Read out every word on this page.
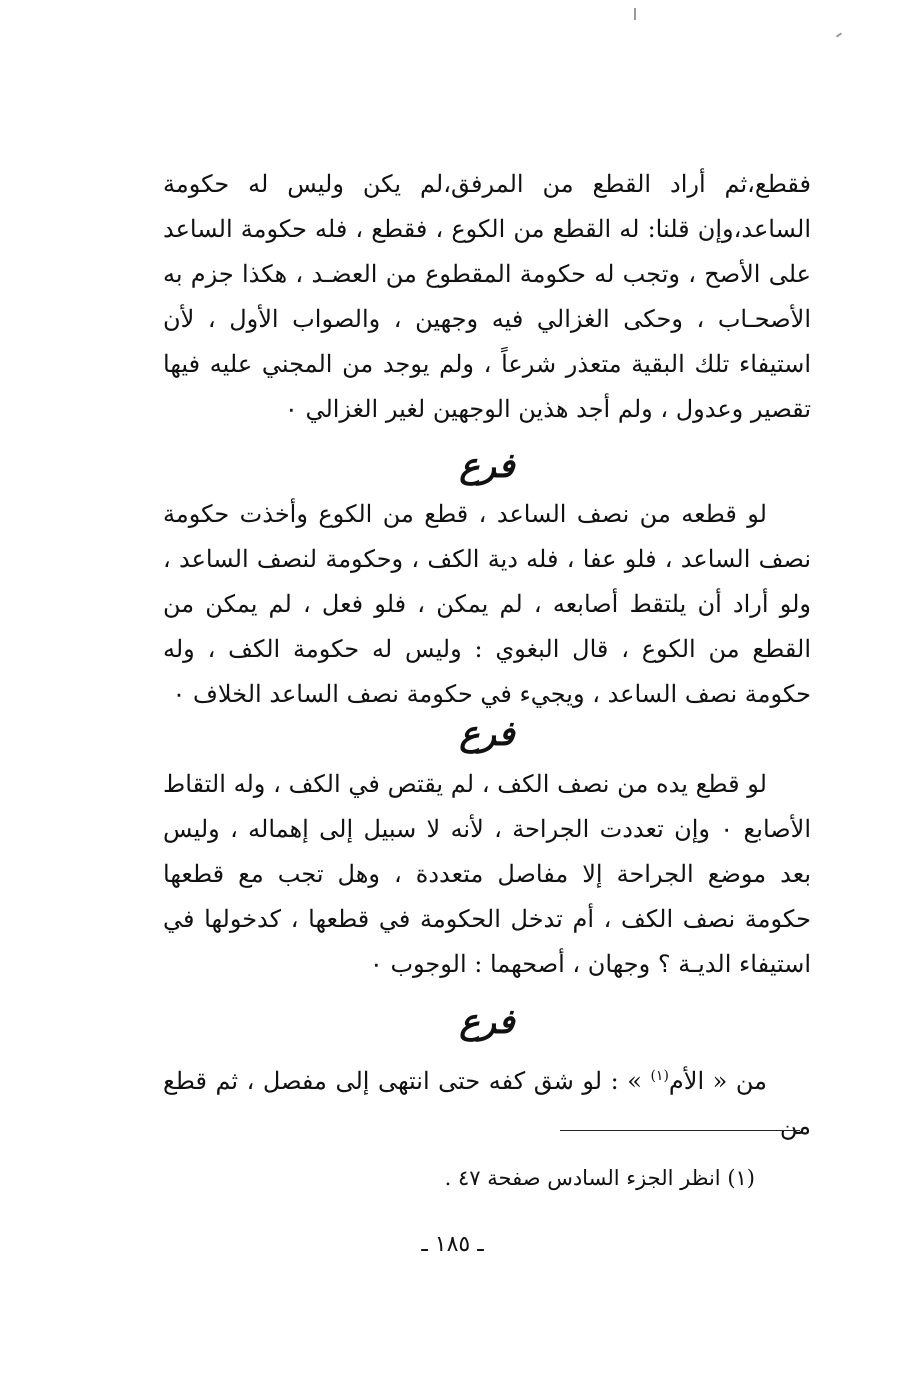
فقطع،ثم أراد القطع من المرفق،لم يكن وليس له حكومة الساعد،وإن قلنا: له القطع من الكوع ، فقطع ، فله حكومة الساعد على الأصح ، وتجب له حكومة المقطوع من العضـد ، هكذا جزم به الأصحـاب ، وحكى الغزالي فيه وجهين ، والصواب الأول ، لأن استيفاء تلك البقية متعذر شرعاً ، ولم يوجد من المجني عليه فيها تقصير وعدول ، ولم أجد هذين الوجهين لغير الغزالي ٠

فرع

لو قطعه من نصف الساعد ، قطع من الكوع وأخذت حكومة نصف الساعد ، فلو عفا ، فله دية الكف ، وحكومة لنصف الساعد ، ولو أراد أن يلتقط أصابعه ، لم يمكن ، فلو فعل ، لم يمكن من القطع من الكوع ، قال البغوي : وليس له حكومة الكف ، وله حكومة نصف الساعد ، ويجيء في حكومة نصف الساعد الخلاف ٠

فرع

لو قطع يده من نصف الكف ، لم يقتص في الكف ، وله التقاط الأصابع ٠ وإن تعددت الجراحة ، لأنه لا سبيل إلى إهماله ، وليس بعد موضع الجراحة إلا مفاصل متعددة ، وهل تجب مع قطعها حكومة نصف الكف ، أم تدخل الحكومة في قطعها ، كدخولها في استيفاء الديـة ؟ وجهان ، أصحهما : الوجوب ٠

فرع

من « الأم$^{(١)}$ » : لو شق كفه حتى انتهى إلى مفصل ، ثم قطع من

(١) انظر الجزء السادس صفحة ٤٧ .
ـ ١٨٥ ـ
